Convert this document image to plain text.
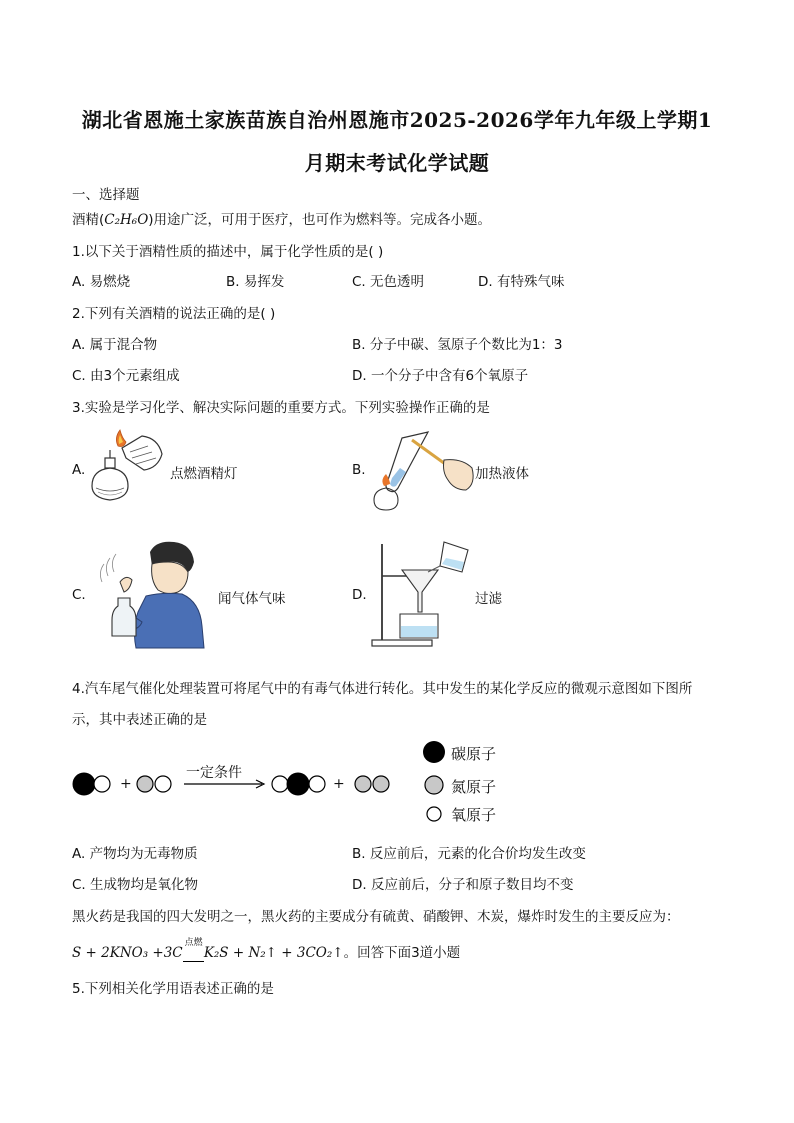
湖北省恩施土家族苗族自治州恩施市2025-2026学年九年级上学期1
月期末考试化学试题
一、选择题
酒精(C₂H₆O)用途广泛，可用于医疗，也可作为燃料等。完成各小题。
1.以下关于酒精性质的描述中，属于化学性质的是( )
A. 易燃烧	B. 易挥发	C. 无色透明	D. 有特殊气味
2.下列有关酒精的说法正确的是( )
A. 属于混合物	B. 分子中碳、氢原子个数比为1：3
C. 由3个元素组成	D. 一个分子中含有6个氧原子
3.实验是学习化学、解决实际问题的重要方式。下列实验操作正确的是
A.	点燃酒精灯	B.	加热液体
C.	闻气体气味	D.	过滤
4.汽车尾气催化处理装置可将尾气中的有毒气体进行转化。其中发生的某化学反应的微观示意图如下图所
示，其中表述正确的是
+	+
一定条件
碳原子
氮原子
氧原子
A. 产物均为无毒物质	B. 反应前后，元素的化合价均发生改变
C. 生成物均是氧化物	D. 反应前后，分子和原子数目均不变
黑火药是我国的四大发明之一，黑火药的主要成分有硫黄、硝酸钾、木炭，爆炸时发生的主要反应为：
S + 2KNO₃ +3C
点燃
​    K₂S + N₂↑ + 3CO₂↑。回答下面3道小题
5.下列相关化学用语表述正确的是
